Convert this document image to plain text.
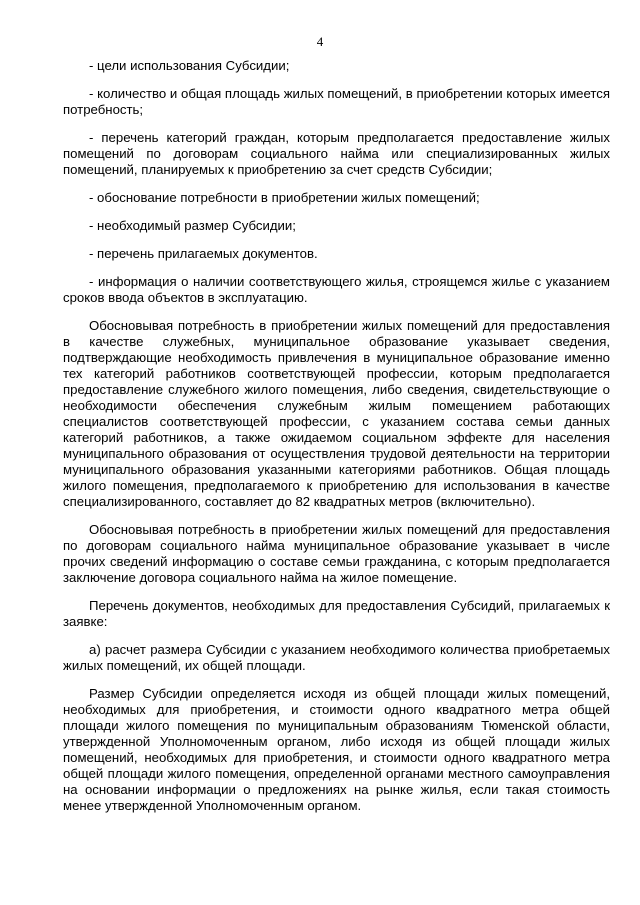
4

- цели использования Субсидии;

- количество и общая площадь жилых помещений, в приобретении которых имеется потребность;

- перечень категорий граждан, которым предполагается предоставление жилых помещений по договорам социального найма или специализированных жилых помещений, планируемых к приобретению за счет средств Субсидии;

- обоснование потребности в приобретении жилых помещений;

- необходимый размер Субсидии;

- перечень прилагаемых документов.

- информация о наличии соответствующего жилья, строящемся жилье с указанием сроков ввода объектов в эксплуатацию.

Обосновывая потребность в приобретении жилых помещений для предоставления в качестве служебных, муниципальное образование указывает сведения, подтверждающие необходимость привлечения в муниципальное образование именно тех категорий работников соответствующей профессии, которым предполагается предоставление служебного жилого помещения, либо сведения, свидетельствующие о необходимости обеспечения служебным жилым помещением работающих специалистов соответствующей профессии, с указанием состава семьи данных категорий работников, а также ожидаемом социальном эффекте для населения муниципального образования от осуществления трудовой деятельности на территории муниципального образования указанными категориями работников. Общая площадь жилого помещения, предполагаемого к приобретению для использования в качестве специализированного, составляет до 82 квадратных метров (включительно).

Обосновывая потребность в приобретении жилых помещений для предоставления по договорам социального найма муниципальное образование указывает в числе прочих сведений информацию о составе семьи гражданина, с которым предполагается заключение договора социального найма на жилое помещение.

Перечень документов, необходимых для предоставления Субсидий, прилагаемых к заявке:

а) расчет размера Субсидии с указанием необходимого количества приобретаемых жилых помещений, их общей площади.

Размер Субсидии определяется исходя из общей площади жилых помещений, необходимых для приобретения, и стоимости одного квадратного метра общей площади жилого помещения по муниципальным образованиям Тюменской области, утвержденной Уполномоченным органом, либо исходя из общей площади жилых помещений, необходимых для приобретения, и стоимости одного квадратного метра общей площади жилого помещения, определенной органами местного самоуправления на основании информации о предложениях на рынке жилья, если такая стоимость менее утвержденной Уполномоченным органом.
